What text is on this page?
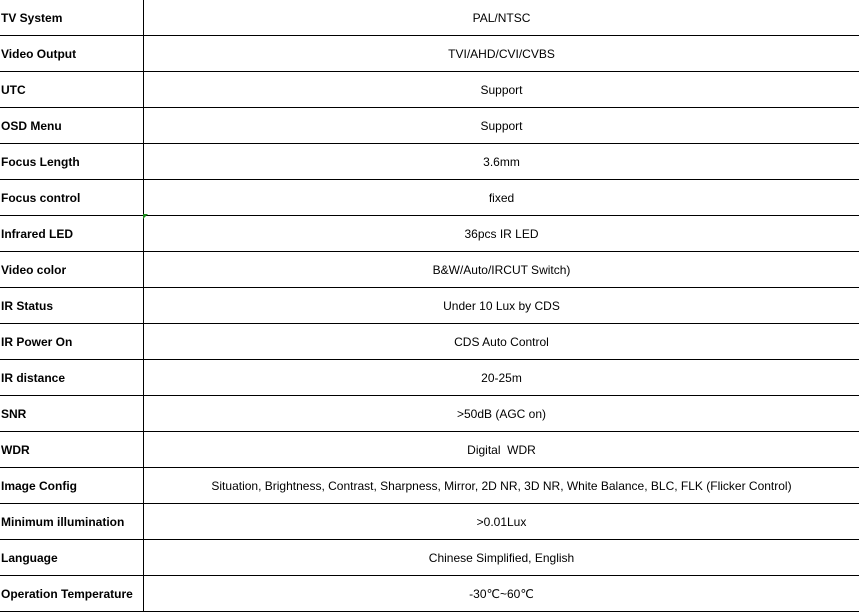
TV System	PAL/NTSC
Video Output	TVI/AHD/CVI/CVBS
UTC	Support
OSD Menu	Support
Focus Length	3.6mm
Focus control	fixed
Infrared LED	36pcs IR LED
Video color	B&W/Auto/IRCUT Switch)
IR Status	Under 10 Lux by CDS
IR Power On	CDS Auto Control
IR distance	20-25m
SNR	>50dB (AGC on)
WDR	Digital  WDR
Image Config	Situation, Brightness, Contrast, Sharpness, Mirror, 2D NR, 3D NR, White Balance, BLC, FLK (Flicker Control)
Minimum illumination	>0.01Lux
Language	Chinese Simplified, English
Operation Temperature	-30℃~60℃
